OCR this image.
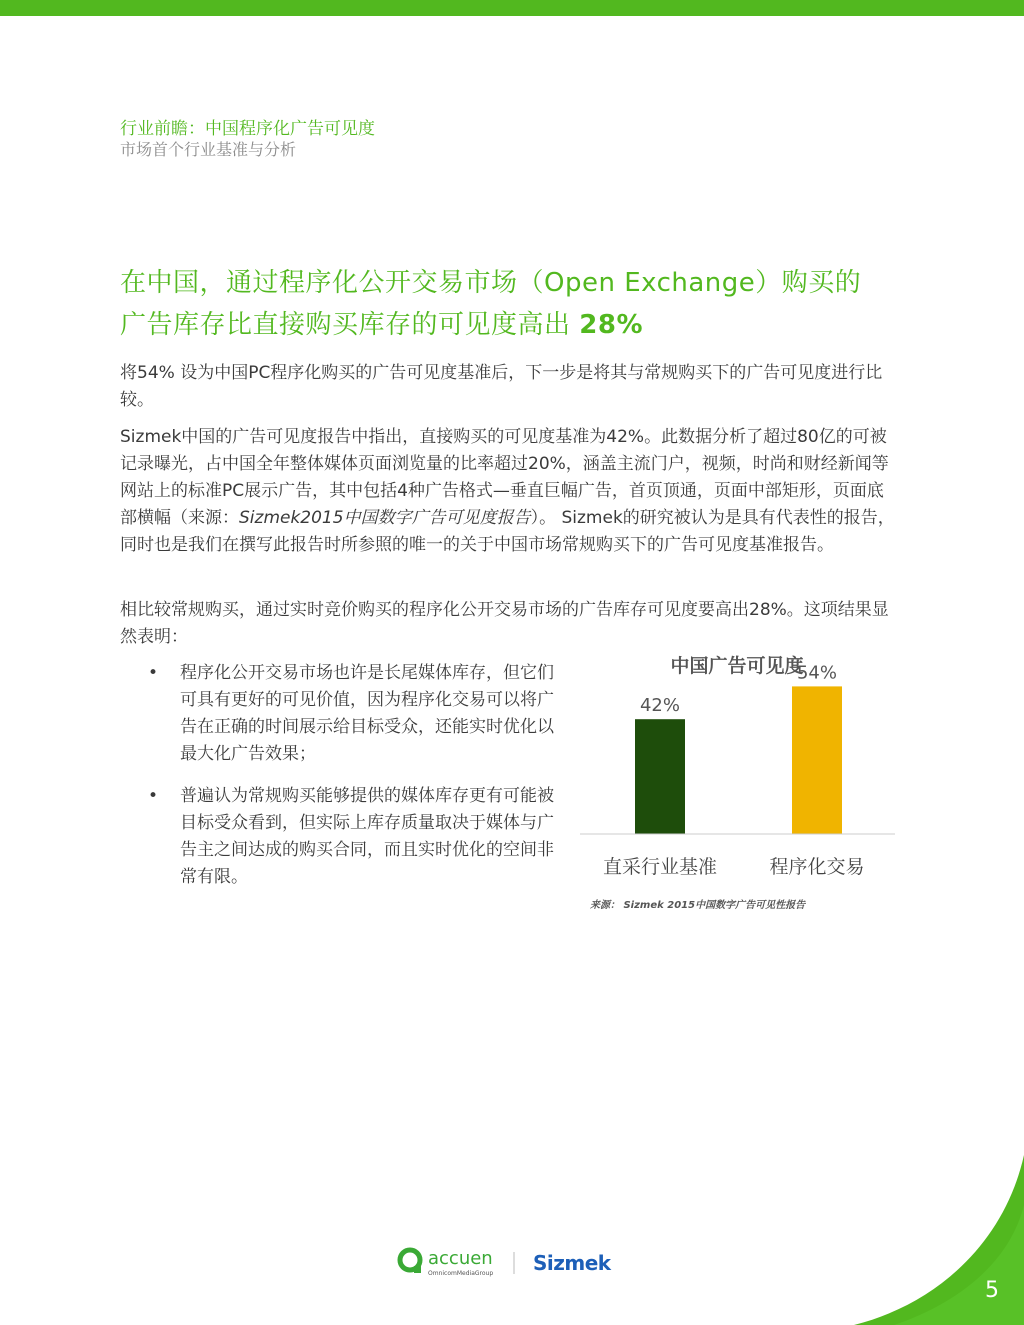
行业前瞻：中国程序化广告可见度
市场首个行业基准与分析
在中国，通过程序化公开交易市场（Open Exchange）购买的
广告库存比直接购买库存的可见度高出 28%

将54% 设为中国PC程序化购买的广告可见度基准后，下一步是将其与常规购买下的广告可见度进行比较。

Sizmek中国的广告可见度报告中指出，直接购买的可见度基准为42%。此数据分析了超过80亿的可被记录曝光，占中国全年整体媒体页面浏览量的比率超过20%，涵盖主流门户，视频，时尚和财经新闻等网站上的标准PC展示广告，其中包括4种广告格式—垂直巨幅广告，首页顶通，页面中部矩形，页面底部横幅（来源：Sizmek2015中国数字广告可见度报告）。 Sizmek的研究被认为是具有代表性的报告，同时也是我们在撰写此报告时所参照的唯一的关于中国市场常规购买下的广告可见度基准报告。

相比较常规购买，通过实时竞价购买的程序化公开交易市场的广告库存可见度要高出28%。这项结果显然表明：

• 程序化公开交易市场也许是长尾媒体库存，但它们可具有更好的可见价值，因为程序化交易可以将广告在正确的时间展示给目标受众，还能实时优化以最大化广告效果；
• 普遍认为常规购买能够提供的媒体库存更有可能被目标受众看到，但实际上库存质量取决于媒体与广告主之间达成的购买合同，而且实时优化的空间非常有限。
中国广告可见度
42%
54%
直采行业基准	程序化交易
来源： Sizmek 2015中国数字广告可见性报告
accuen
OmnicomMediaGroup Sizmek
5
